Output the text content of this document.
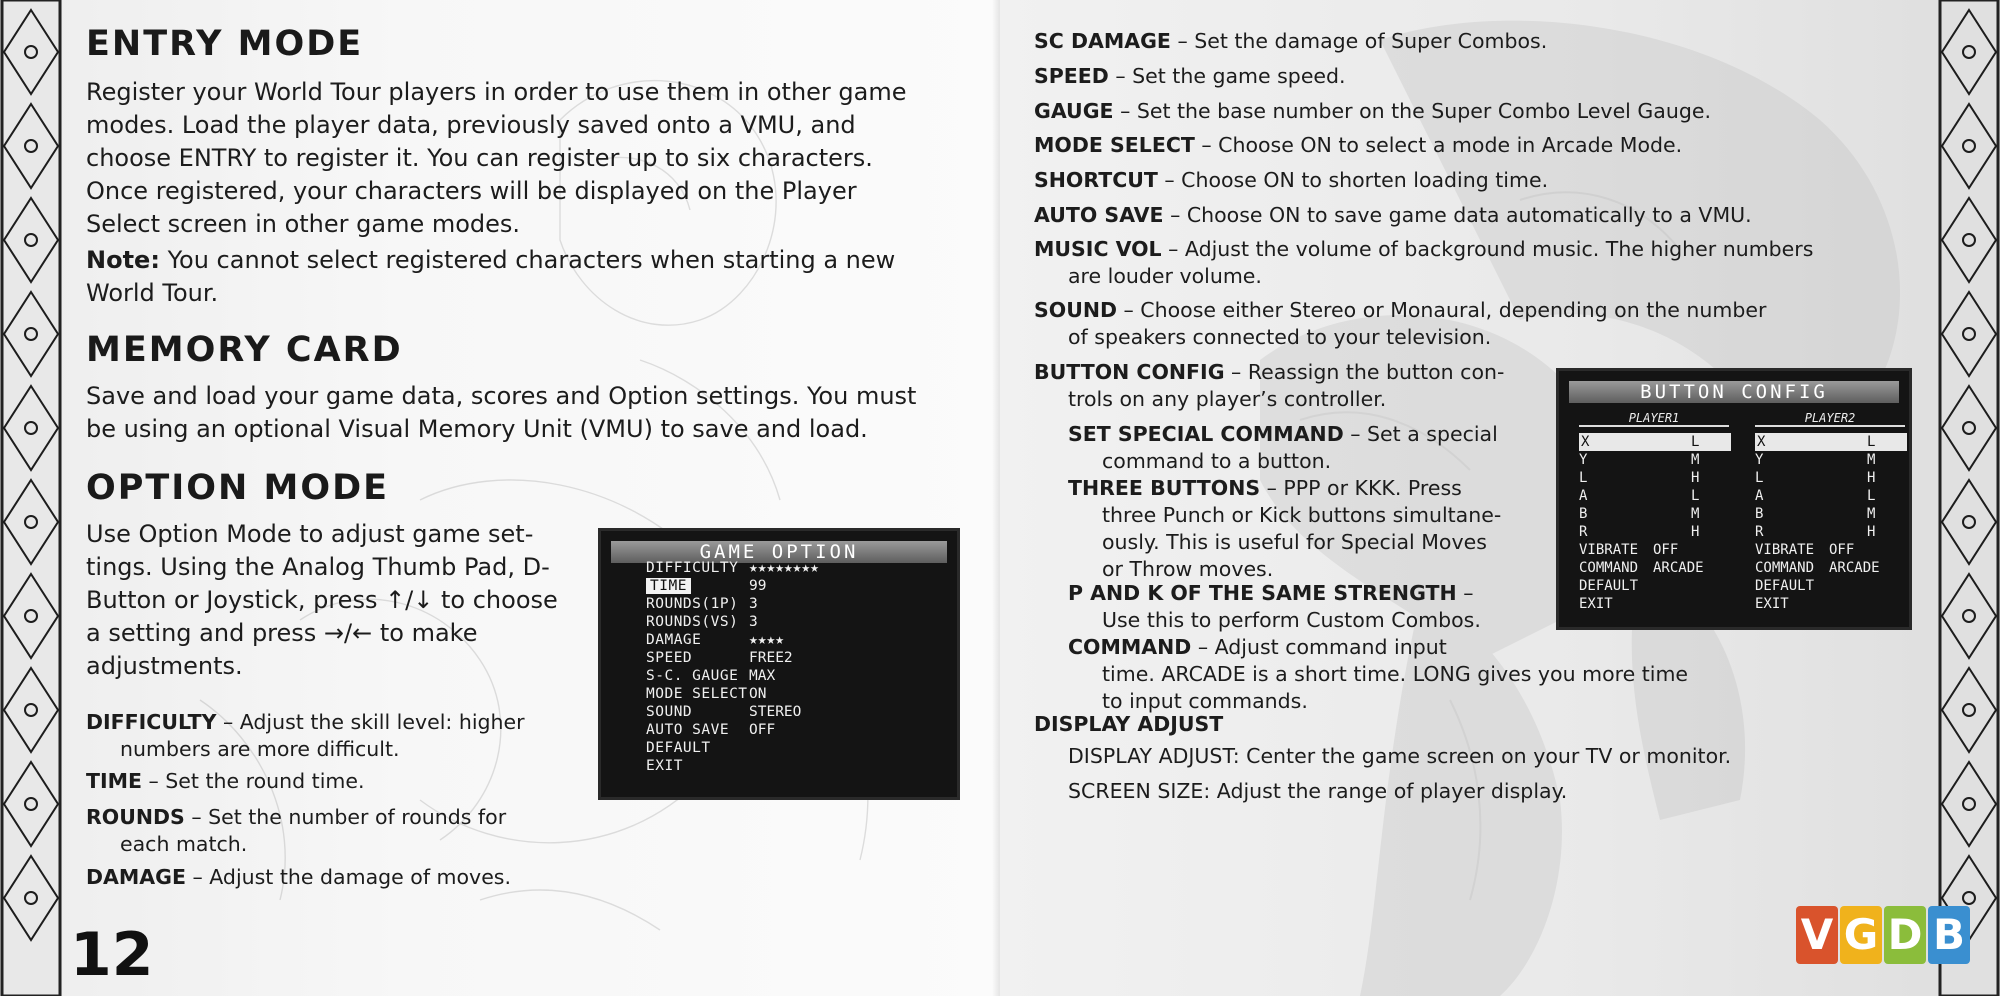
ENTRY MODE
Register your World Tour players in order to use them in other game
modes. Load the player data, previously saved onto a VMU, and
choose ENTRY to register it. You can register up to six characters.
Once registered, your characters will be displayed on the Player
Select screen in other game modes.
Note: You cannot select registered characters when starting a new
World Tour.
MEMORY CARD
Save and load your game data, scores and Option settings. You must
be using an optional Visual Memory Unit (VMU) to save and load.
OPTION MODE
Use Option Mode to adjust game set-
tings. Using the Analog Thumb Pad, D-
Button or Joystick, press ↑/↓ to choose
a setting and press →/← to make
adjustments.
DIFFICULTY – Adjust the skill level: higher
numbers are more difficult.
TIME – Set the round time.
ROUNDS – Set the number of rounds for
each match.
DAMAGE – Adjust the damage of moves.
12
GAME OPTION
DIFFICULTY ★★★★★★★★
TIME	99
ROUNDS(1P) 3
ROUNDS(VS) 3
DAMAGE	★★★★
SPEED	FREE2
S-C. GAUGE MAX
MODE SELECT ON
SOUND	STEREO
AUTO SAVE OFF
DEFAULT
EXIT
SC DAMAGE – Set the damage of Super Combos.
SPEED – Set the game speed.
GAUGE – Set the base number on the Super Combo Level Gauge.
MODE SELECT – Choose ON to select a mode in Arcade Mode.
SHORTCUT – Choose ON to shorten loading time.
AUTO SAVE – Choose ON to save game data automatically to a VMU.
MUSIC VOL – Adjust the volume of background music. The higher numbers
are louder volume.
SOUND – Choose either Stereo or Monaural, depending on the number
of speakers connected to your television.
BUTTON CONFIG – Reassign the button con-
trols on any player’s controller.
SET SPECIAL COMMAND – Set a special
command to a button.
THREE BUTTONS – PPP or KKK. Press
three Punch or Kick buttons simultane-
ously. This is useful for Special Moves
or Throw moves.
P AND K OF THE SAME STRENGTH –
Use this to perform Custom Combos.
COMMAND – Adjust command input
time. ARCADE is a short time. LONG gives you more time
to input commands.
DISPLAY ADJUST
DISPLAY ADJUST: Center the game screen on your TV or monitor.
SCREEN SIZE: Adjust the range of player display.
BUTTON CONFIG
PLAYER1
X	L
Y	M
L	H
A	L
B	M
R	H
VIBRATE OFF
COMMAND ARCADE
DEFAULT
EXIT
PLAYER2
X	L
Y	M
L	H
A	L
B	M
R	H
VIBRATE OFF
COMMAND ARCADE
DEFAULT
EXIT
V G D B
